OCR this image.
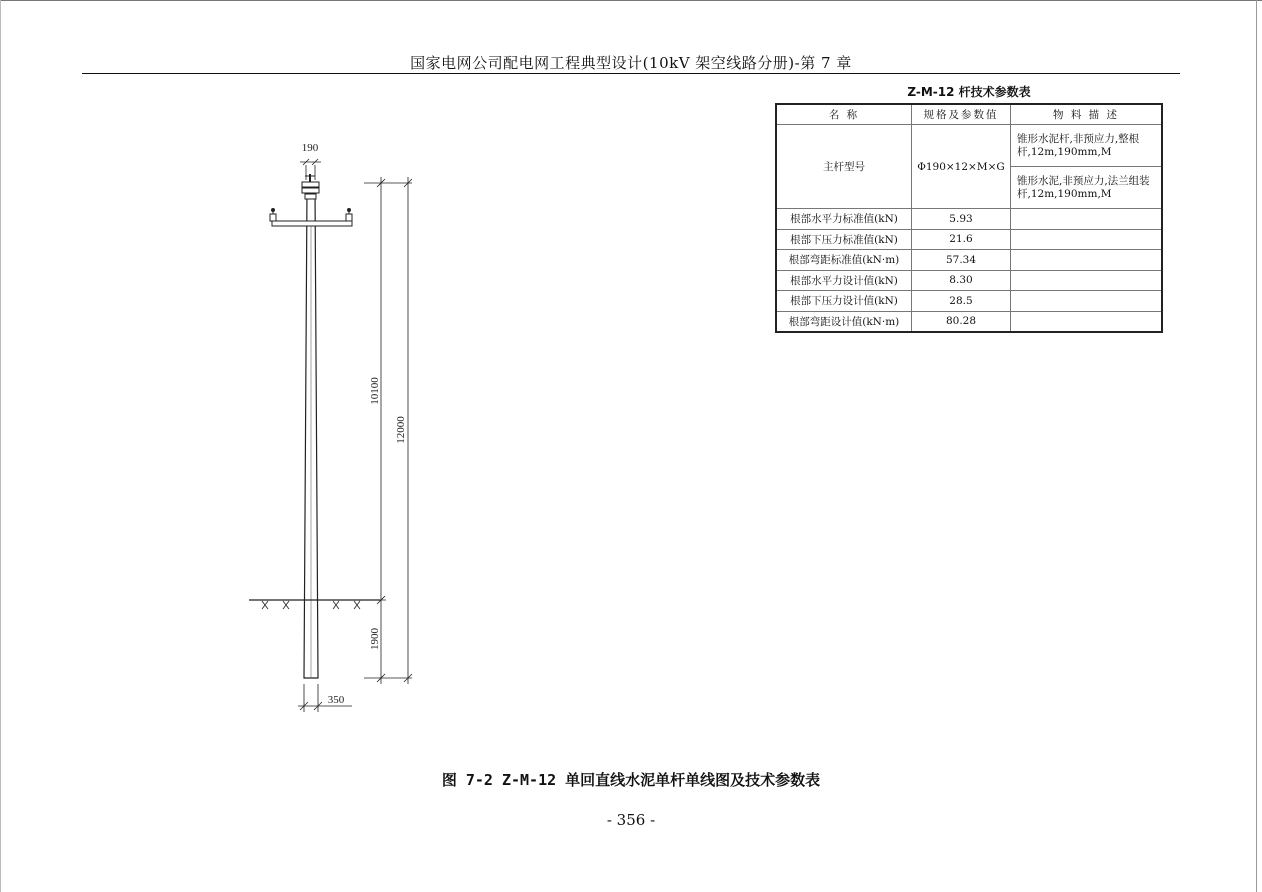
国家电网公司配电网工程典型设计(10kV 架空线路分册)-第 7 章
190
10100
12000
1900
350
Z-M-12 杆技术参数表
名 称	规格及参数值	物 料 描 述
主杆型号	Φ190×12×M×G	锥形水泥杆,非预应力,整根杆,12m,190mm,M
		锥形水泥,非预应力,法兰组装杆,12m,190mm,M
根部水平力标准值(kN)	5.93	
根部下压力标准值(kN)	21.6	
根部弯距标准值(kN·m)	57.34	
根部水平力设计值(kN)	8.30	
根部下压力设计值(kN)	28.5	
根部弯距设计值(kN·m)	80.28	
图 7-2 Z-M-12 单回直线水泥单杆单线图及技术参数表
- 356 -
